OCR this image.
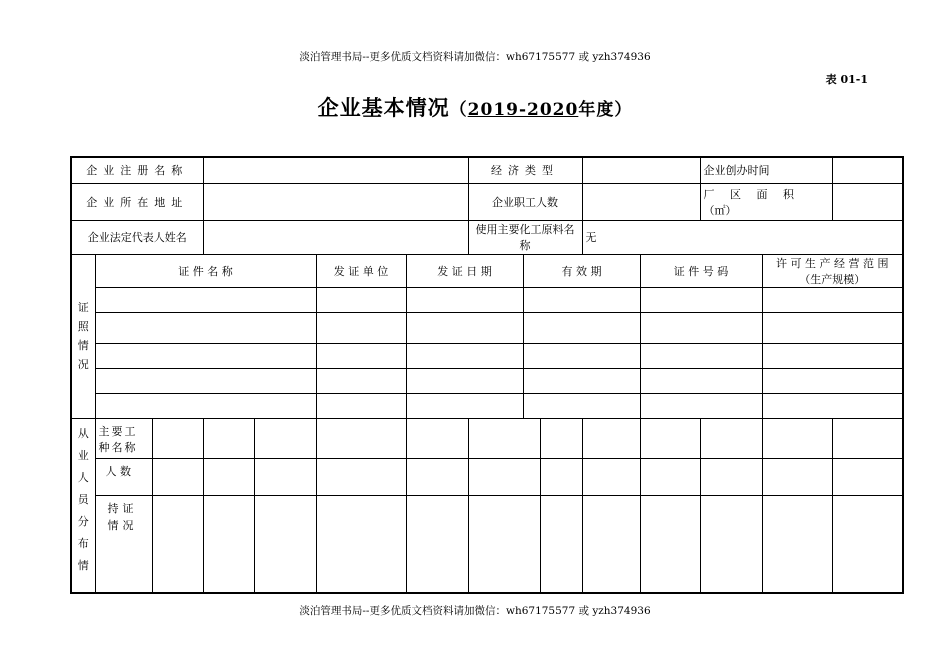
淡泊管理书局--更多优质文档资料请加微信：wh67175577 或 yzh374936
表 01-1
企业基本情况（2019-2020年度）
企业注册名称							经济类型					企业创办时间		
企业所在地址							企业职工人数					厂 区 面 积
（㎡）		

企业法定代表人姓名							使用主要化工原料名称			无				

证照情况	证 件 名 称				发 证 单 位	发 证 日 期		有 效 期			证 件 号 码		许 可 生 产 经 营 范 围 （生产规模）	

从业人员分布情	主要工种名称													
	人 数													

	持证情况													

淡泊管理书局--更多优质文档资料请加微信：wh67175577 或 yzh374936
